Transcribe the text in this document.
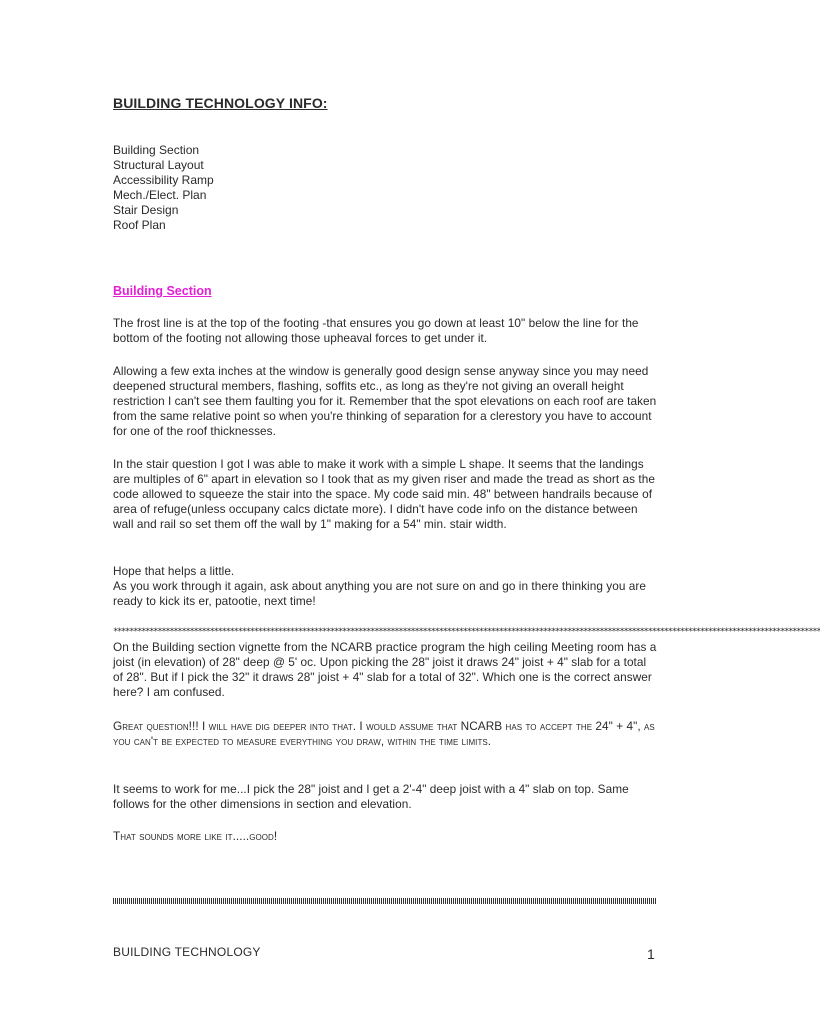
BUILDING TECHNOLOGY INFO:
Building Section
Structural Layout
Accessibility Ramp
Mech./Elect. Plan
Stair Design
Roof Plan
Building Section

The frost line is at the top of the footing -that ensures you go down at least 10" below the line for the bottom of the footing not allowing those upheaval forces to get under it.

Allowing a few exta inches at the window is generally good design sense anyway since you may need deepened structural members, flashing, soffits etc., as long as they're not giving an overall height restriction I can't see them faulting you for it. Remember that the spot elevations on each roof are taken from the same relative point so when you're thinking of separation for a clerestory you have to account for one of the roof thicknesses.

In the stair question I got I was able to make it work with a simple L shape. It seems that the landings are multiples of 6" apart in elevation so I took that as my given riser and made the tread as short as the code allowed to squeeze the stair into the space. My code said min. 48" between handrails because of area of refuge(unless occupany calcs dictate more). I didn't have code info on the distance between wall and rail so set them off the wall by 1" making for a 54" min. stair width.

Hope that helps a little.
As you work through it again, ask about anything you are not sure on and go in there thinking you are ready to kick its er, patootie, next time!

********************************************************************************************************************************************************************************

On the Building section vignette from the NCARB practice program the high ceiling Meeting room has a joist (in elevation) of 28" deep @ 5' oc. Upon picking the 28" joist it draws 24" joist + 4" slab for a total of 28". But if I pick the 32" it draws 28" joist + 4" slab for a total of 32". Which one is the correct answer here? I am confused.

Great question!!! I will have dig deeper into that. I would assume that NCARB has to accept the 24" + 4", as you can't be expected to measure everything you draw, within the time limits.

It seems to work for me...I pick the 28" joist and I get a 2'-4" deep joist with a 4" slab on top. Same follows for the other dimensions in section and elevation.

That sounds more like it.....good!

BUILDING TECHNOLOGY	1
